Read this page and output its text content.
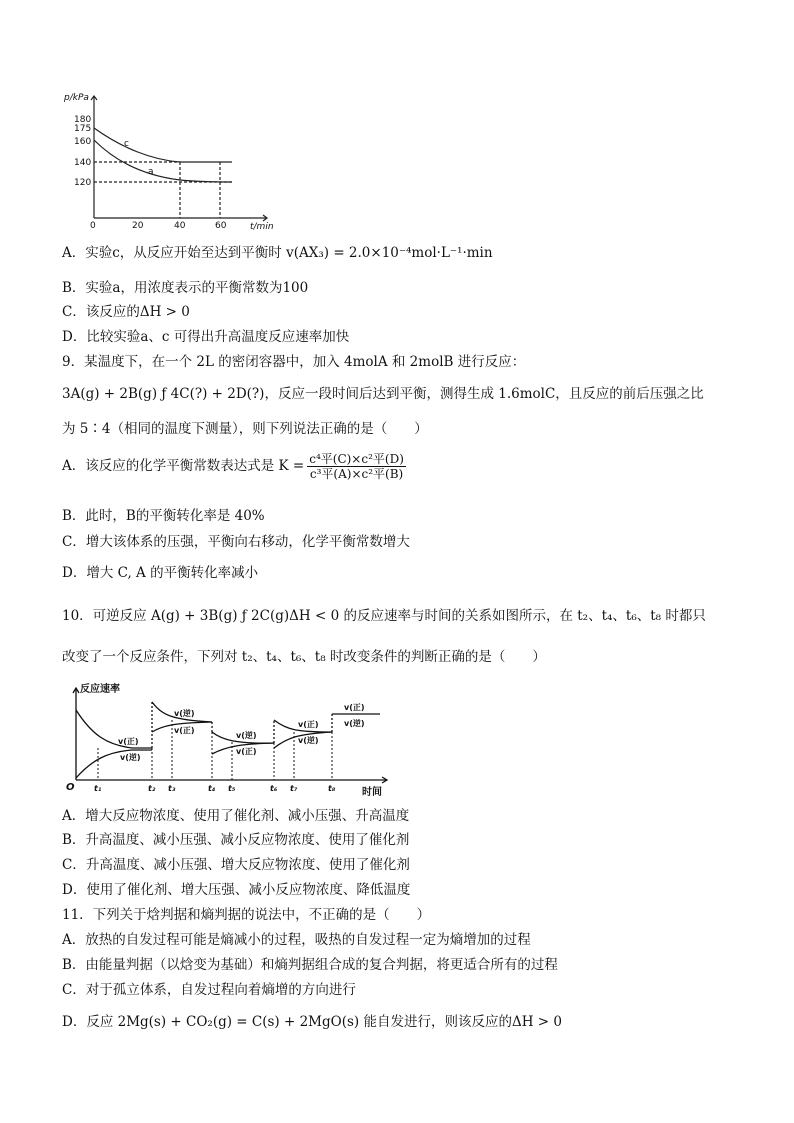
p/kPa
180
175
160
140
120
0	20	40	60	t/min
c
a
A．实验c，从反应开始至达到平衡时 v(AX₃) = 2.0×10⁻⁴mol·L⁻¹·min
B．实验a，用浓度表示的平衡常数为100
C．该反应的ΔH > 0
D．比较实验a、c 可得出升高温度反应速率加快
9．某温度下，在一个 2L 的密闭容器中，加入 4molA 和 2molB 进行反应：
3A(g) + 2B(g) ƒ 4C(?) + 2D(?)，反应一段时间后达到平衡，测得生成 1.6molC，且反应的前后压强之比
为 5∶4（相同的温度下测量），则下列说法正确的是（　　）
A．该反应的化学平衡常数表达式是 $K = \frac{\text{c⁴平(C)×c²平(D)}}{\text{c³平(A)×c²平(B)}}$
B．此时，B的平衡转化率是 40%
C．增大该体系的压强，平衡向右移动，化学平衡常数增大
D．增大 C, A 的平衡转化率减小
10．可逆反应 A(g) + 3B(g) ƒ 2C(g)ΔH < 0 的反应速率与时间的关系如图所示，在 t₂、t₄、t₆、t₈ 时都只
改变了一个反应条件，下列对 t₂、t₄、t₆、t₈ 时改变条件的判断正确的是（　　）
反应速率
O	时间
t₁	t₂ t₃	t₄ t₅	t₆ t₇	t₈
v(正)
v(逆)
v(逆)
v(正)
v(逆)
v(正)
v(正)
v(逆)
v(正)
v(逆)
A．增大反应物浓度、使用了催化剂、减小压强、升高温度
B．升高温度、减小压强、减小反应物浓度、使用了催化剂
C．升高温度、减小压强、增大反应物浓度、使用了催化剂
D．使用了催化剂、增大压强、减小反应物浓度、降低温度
11．下列关于焓判据和熵判据的说法中，不正确的是（　　）
A．放热的自发过程可能是熵减小的过程，吸热的自发过程一定为熵增加的过程
B．由能量判据（以焓变为基础）和熵判据组合成的复合判据，将更适合所有的过程
C．对于孤立体系，自发过程向着熵增的方向进行
D．反应 2Mg(s) + CO₂(g) = C(s) + 2MgO(s) 能自发进行，则该反应的ΔH > 0
